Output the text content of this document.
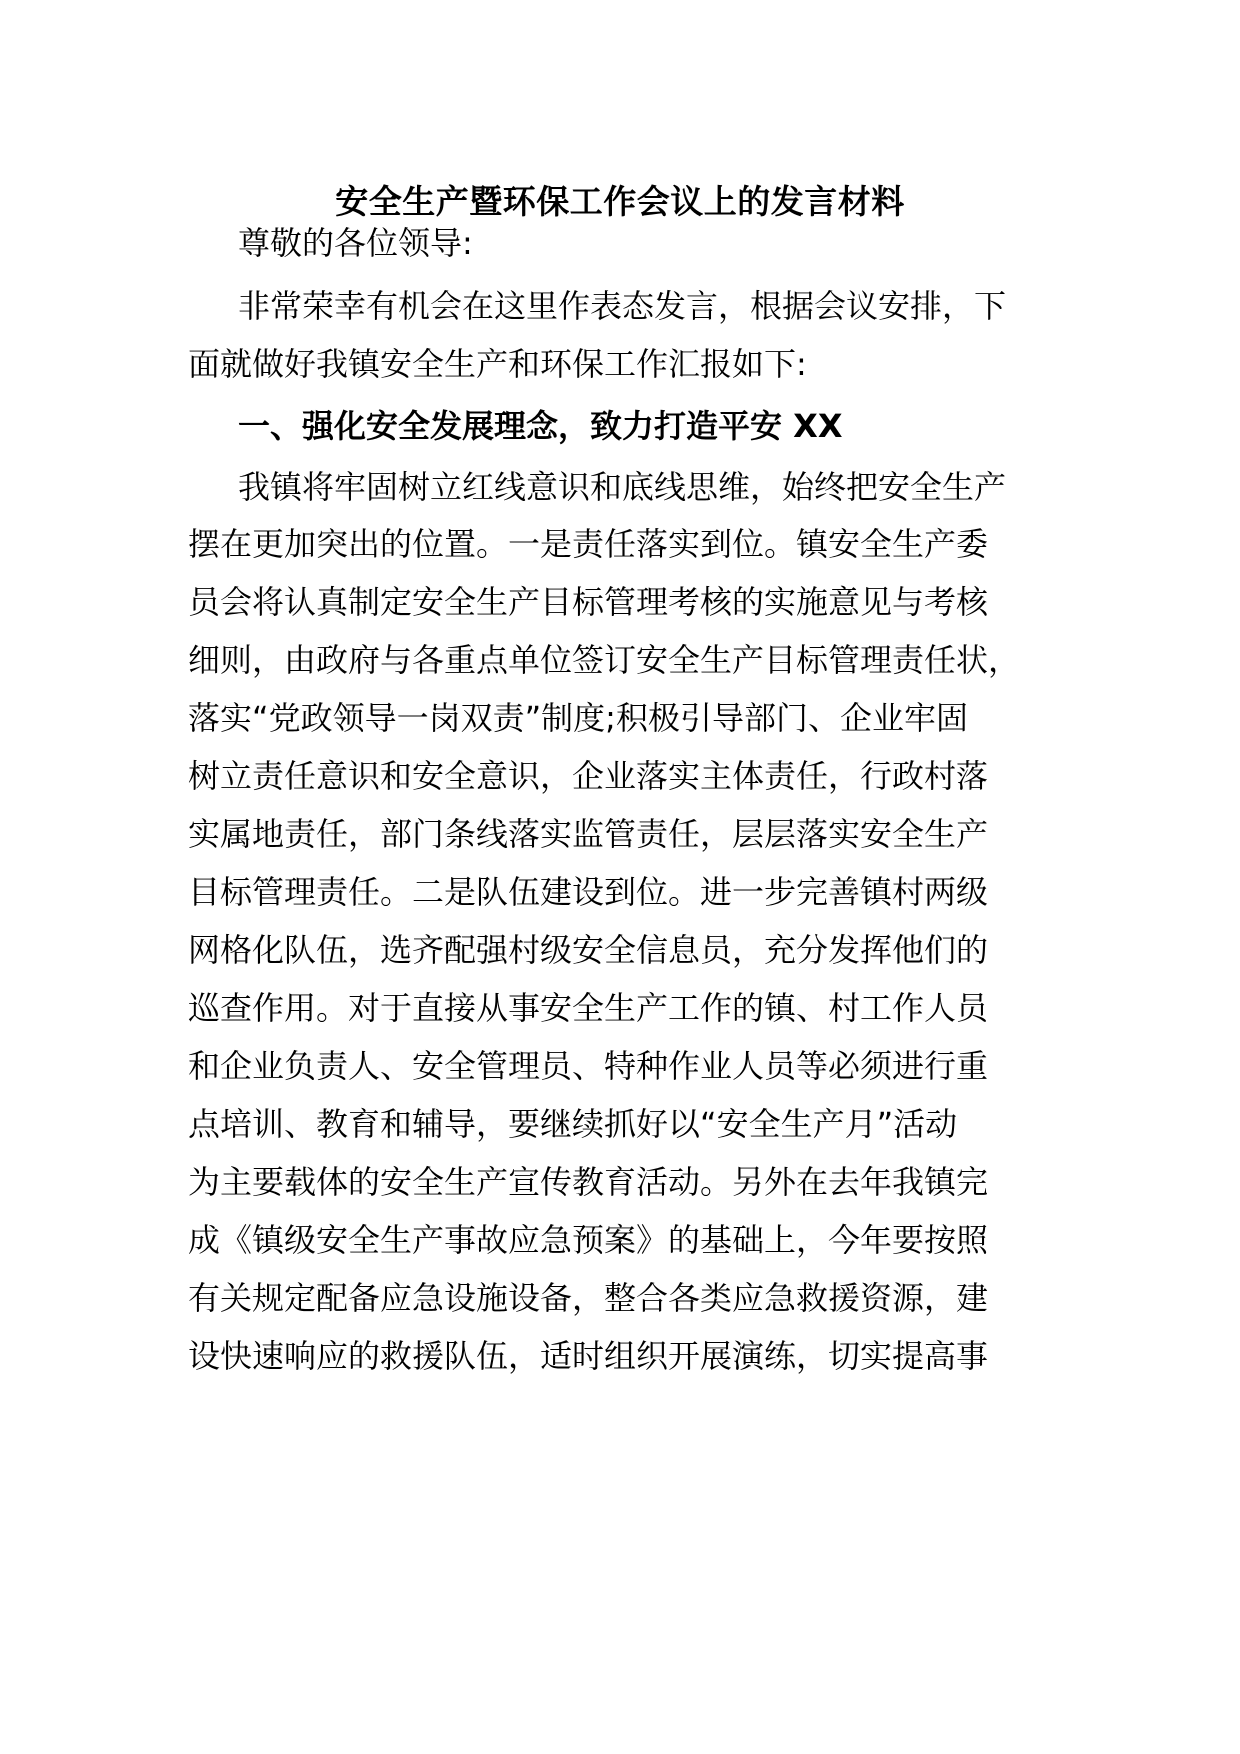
安全生产暨环保工作会议上的发言材料

尊敬的各位领导:

非常荣幸有机会在这里作表态发言，根据会议安排，下

面就做好我镇安全生产和环保工作汇报如下:

一、强化安全发展理念，致力打造平安 XX

我镇将牢固树立红线意识和底线思维，始终把安全生产

摆在更加突出的位置。一是责任落实到位。镇安全生产委

员会将认真制定安全生产目标管理考核的实施意见与考核

细则，由政府与各重点单位签订安全生产目标管理责任状，

落实“党政领导一岗双责”制度;积极引导部门、企业牢固

树立责任意识和安全意识，企业落实主体责任，行政村落

实属地责任，部门条线落实监管责任，层层落实安全生产

目标管理责任。二是队伍建设到位。进一步完善镇村两级

网格化队伍，选齐配强村级安全信息员，充分发挥他们的

巡查作用。对于直接从事安全生产工作的镇、村工作人员

和企业负责人、安全管理员、特种作业人员等必须进行重

点培训、教育和辅导，要继续抓好以“安全生产月”活动

为主要载体的安全生产宣传教育活动。另外在去年我镇完

成《镇级安全生产事故应急预案》的基础上，今年要按照

有关规定配备应急设施设备，整合各类应急救援资源，建

设快速响应的救援队伍，适时组织开展演练，切实提高事
